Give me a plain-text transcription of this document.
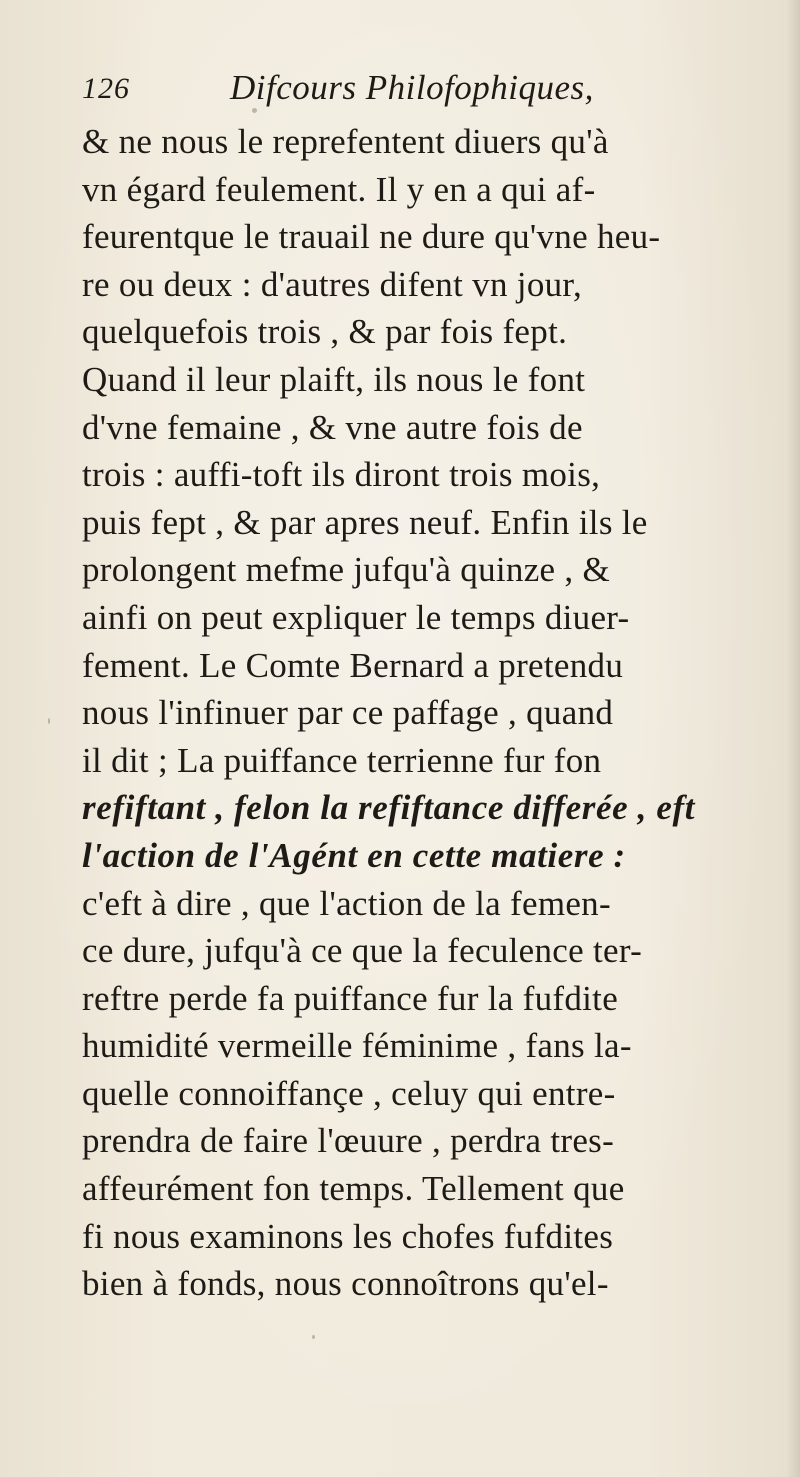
126	Difcours Philofophiques,
& ne nous le reprefentent diuers qu'à
vn égard feulement. Il y en a qui af-
feurentque le trauail ne dure qu'vne heu-
re ou deux : d'autres difent vn jour,
quelquefois trois , & par fois fept.
Quand il leur plaift, ils nous le font
d'vne femaine , & vne autre fois de
trois : auffi-toft ils diront trois mois,
puis fept , & par apres neuf. Enfin ils le
prolongent mefme jufqu'à quinze , &
ainfi on peut expliquer le temps diuer-
fement. Le Comte Bernard a pretendu
nous l'infinuer par ce paffage , quand
il dit ; La puiffance terrienne fur fon
refiftant , felon la refiftance differée , eft
l'action de l'Agént en cette matiere :
c'eft à dire , que l'action de la femen-
ce dure, jufqu'à ce que la feculence ter-
reftre perde fa puiffance fur la fufdite
humidité vermeille féminime , fans la-
quelle connoiffançe , celuy qui entre-
prendra de faire l'œuure , perdra tres-
affeurément fon temps. Tellement que
fi nous examinons les chofes fufdites
bien à fonds, nous connoîtrons qu'el-
